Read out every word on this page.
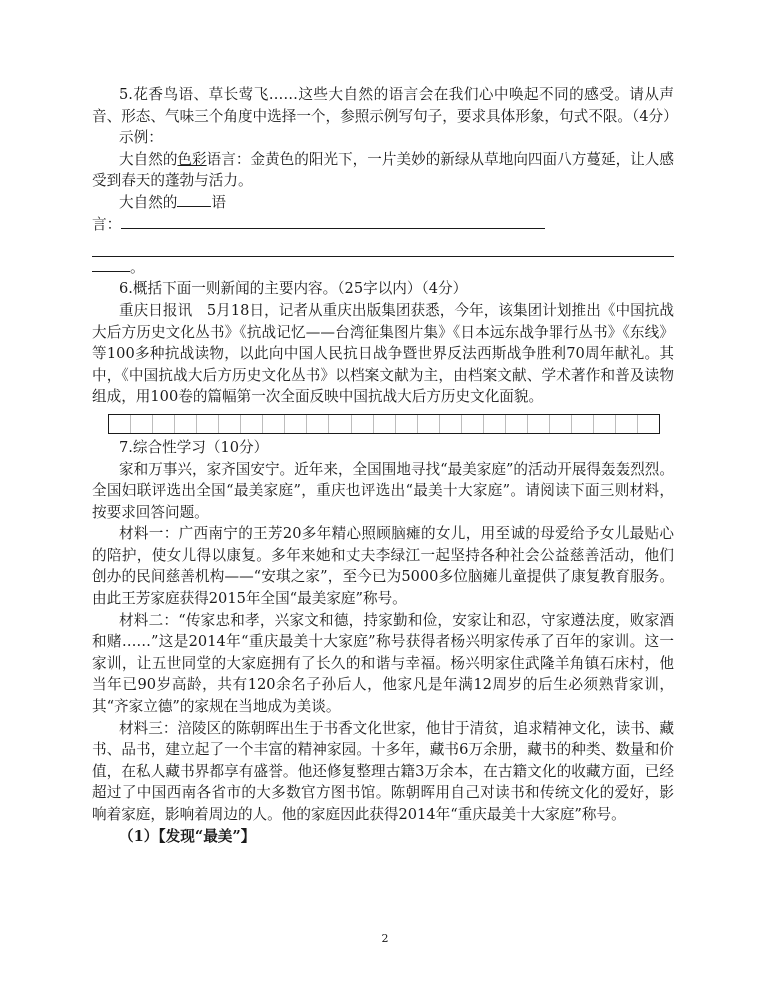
5.花香鸟语、草长莺飞……这些大自然的语言会在我们心中唤起不同的感受。请从声音、形态、气味三个角度中选择一个，参照示例写句子，要求具体形象，句式不限。（4分）

示例：

大自然的色彩语言：金黄色的阳光下，一片美妙的新绿从草地向四面八方蔓延，让人感受到春天的蓬勃与活力。

大自然的 语

言：

。

6.概括下面一则新闻的主要内容。（25字以内）（4分）

重庆日报讯　5月18日，记者从重庆出版集团获悉，今年，该集团计划推出《中国抗战大后方历史文化丛书》《抗战记忆——台湾征集图片集》《日本远东战争罪行丛书》《东线》等100多种抗战读物，以此向中国人民抗日战争暨世界反法西斯战争胜利70周年献礼。其中，《中国抗战大后方历史文化丛书》以档案文献为主，由档案文献、学术著作和普及读物组成，用100卷的篇幅第一次全面反映中国抗战大后方历史文化面貌。

7.综合性学习（10分）

家和万事兴，家齐国安宁。近年来，全国围地寻找“最美家庭”的活动开展得轰轰烈烈。全国妇联评选出全国“最美家庭”，重庆也评选出“最美十大家庭”。请阅读下面三则材料，按要求回答问题。

材料一：广西南宁的王芳20多年精心照顾脑瘫的女儿，用至诚的母爱给予女儿最贴心的陪护，使女儿得以康复。多年来她和丈夫李绿江一起坚持各种社会公益慈善活动，他们创办的民间慈善机构——“安琪之家”，至今已为5000多位脑瘫儿童提供了康复教育服务。由此王芳家庭获得2015年全国“最美家庭”称号。

材料二：“传家忠和孝，兴家文和德，持家勤和俭，安家让和忍，守家遵法度，败家酒和赌……”这是2014年“重庆最美十大家庭”称号获得者杨兴明家传承了百年的家训。这一家训，让五世同堂的大家庭拥有了长久的和谐与幸福。杨兴明家住武隆羊角镇石床村，他当年已90岁高龄，共有120余名子孙后人，他家凡是年满12周岁的后生必须熟背家训，其“齐家立德”的家规在当地成为美谈。

材料三：涪陵区的陈朝晖出生于书香文化世家，他甘于清贫，追求精神文化，读书、藏书、品书，建立起了一个丰富的精神家园。十多年，藏书6万余册，藏书的种类、数量和价值，在私人藏书界都享有盛誉。他还修复整理古籍3万余本，在古籍文化的收藏方面，已经超过了中国西南各省市的大多数官方图书馆。陈朝晖用自己对读书和传统文化的爱好，影响着家庭，影响着周边的人。他的家庭因此获得2014年“重庆最美十大家庭”称号。

（1）【发现“最美”】

2
